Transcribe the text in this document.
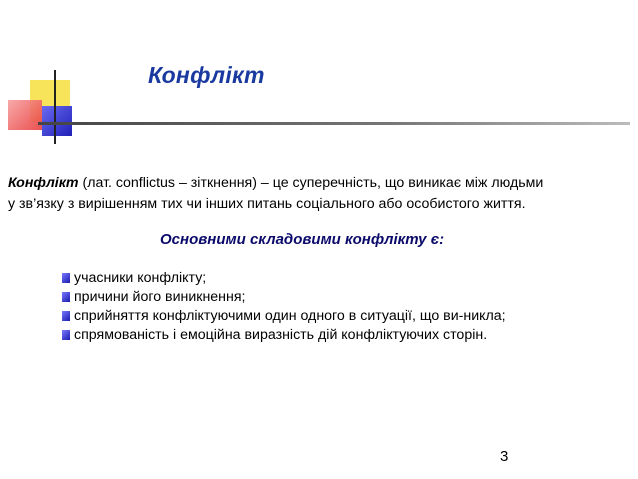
Конфлікт
Конфлікт (лат. conflictus – зіткнення) – це суперечність, що виникає між людьми
у зв’язку з вирішенням тих чи інших питань соціального або особистого життя.
Основними складовими конфлікту є:
учасники конфлікту;
причини його виникнення;
сприйняття конфліктуючими один одного в ситуації, що ви-никла;
спрямованість і емоційна виразність дій конфліктуючих сторін.
3
